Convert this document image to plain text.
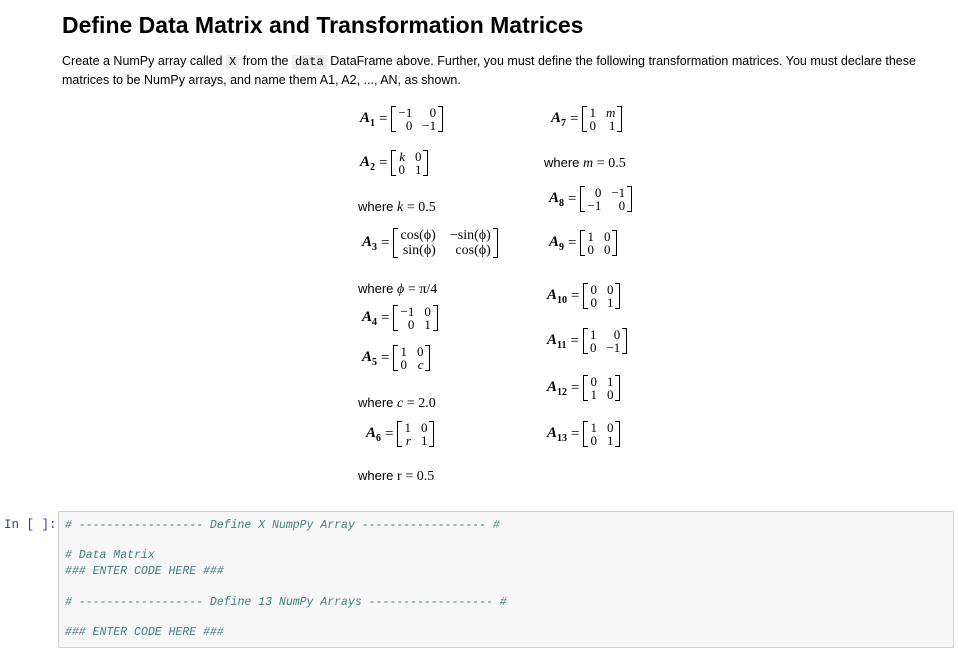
Define Data Matrix and Transformation Matrices

Create a NumPy array called X from the data DataFrame above. Further, you must define the following transformation matrices. You must declare these matrices to be NumPy arrays, and name them A1, A2, ..., AN, as shown.

$A_1 = -1$	0
0 −1
$A_2 = k$ 0
0 1
where k = 0.5
$A_3 = \cos(\phi) -\sin(\phi)$
sin(ϕ)	cos(ϕ)
where ϕ = π/4
$A_4 = -1$ 0
0 1
$A_5 = 1$ 0
0 c
where c = 2.0
$A_6 = 1$ 0
r 1
where r = 0.5
$A_7 = 1$ m
0 1
where m = 0.5
$A_8$ =	0 −1
−1	0
$A_9 = 1$ 0
0 0
$A_{10} = 0$ 0
0 1
$A_{11} = 1$	0
0 −1
$A_{12} = 0$ 1
1 0
$A_{13} = 1$ 0
0 1
In [ ]: # ------------------ Define X NumpPy Array ------------------ #
# Data Matrix
### ENTER CODE HERE ###
# ------------------ Define 13 NumPy Arrays ------------------ #
### ENTER CODE HERE ###
